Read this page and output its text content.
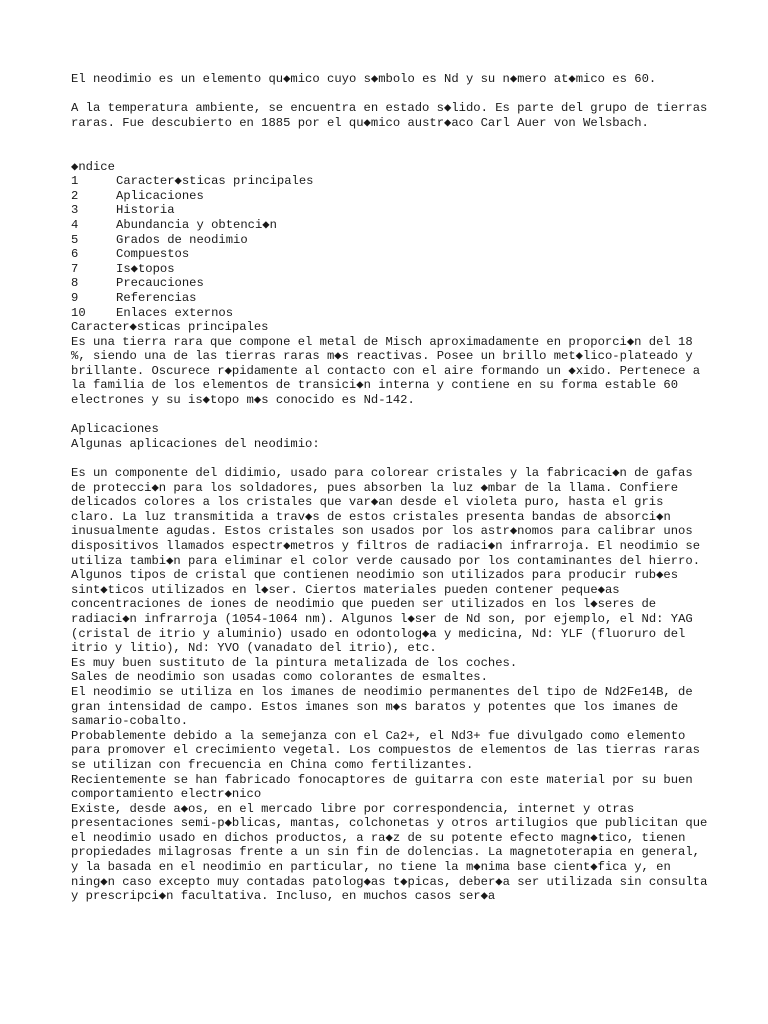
El neodimio es un elemento qu◆mico cuyo s◆mbolo es Nd y su n◆mero at◆mico es 60.

A la temperatura ambiente, se encuentra en estado s◆lido. Es parte del grupo de tierras raras. Fue descubierto en 1885 por el qu◆mico austr◆aco Carl Auer von Welsbach.

◆ndice
1	Caracter◆sticas principales
2	Aplicaciones
3	Historia
4	Abundancia y obtenci◆n
5	Grados de neodimio
6	Compuestos
7	Is◆topos
8	Precauciones
9	Referencias
10	Enlaces externos
Caracter◆sticas principales

Es una tierra rara que compone el metal de Misch aproximadamente en proporci◆n del 18 %, siendo una de las tierras raras m◆s reactivas. Posee un brillo met◆lico-plateado y brillante. Oscurece r◆pidamente al contacto con el aire formando un ◆xido. Pertenece a la familia de los elementos de transici◆n interna y contiene en su forma estable 60 electrones y su is◆topo m◆s conocido es Nd-142.

Aplicaciones
Algunas aplicaciones del neodimio:

Es un componente del didimio, usado para colorear cristales y la fabricaci◆n de gafas de protecci◆n para los soldadores, pues absorben la luz ◆mbar de la llama. Confiere delicados colores a los cristales que var◆an desde el violeta puro, hasta el gris claro. La luz transmitida a trav◆s de estos cristales presenta bandas de absorci◆n inusualmente agudas. Estos cristales son usados por los astr◆nomos para calibrar unos dispositivos llamados espectr◆metros y filtros de radiaci◆n infrarroja. El neodimio se utiliza tambi◆n para eliminar el color verde causado por los contaminantes del hierro.

Algunos tipos de cristal que contienen neodimio son utilizados para producir rub◆es sint◆ticos utilizados en l◆ser. Ciertos materiales pueden contener peque◆as concentraciones de iones de neodimio que pueden ser utilizados en los l◆seres de radiaci◆n infrarroja (1054-1064 nm). Algunos l◆ser de Nd son, por ejemplo, el Nd: YAG (cristal de itrio y aluminio) usado en odontolog◆a y medicina, Nd: YLF (fluoruro del itrio y litio), Nd: YVO (vanadato del itrio), etc.

Es muy buen sustituto de la pintura metalizada de los coches.

Sales de neodimio son usadas como colorantes de esmaltes.

El neodimio se utiliza en los imanes de neodimio permanentes del tipo de Nd2Fe14B, de gran intensidad de campo. Estos imanes son m◆s baratos y potentes que los imanes de samario-cobalto.

Probablemente debido a la semejanza con el Ca2+, el Nd3+ fue divulgado como elemento para promover el crecimiento vegetal. Los compuestos de elementos de las tierras raras se utilizan con frecuencia en China como fertilizantes.

Recientemente se han fabricado fonocaptores de guitarra con este material por su buen comportamiento electr◆nico

Existe, desde a◆os, en el mercado libre por correspondencia, internet y otras presentaciones semi-p◆blicas, mantas, colchonetas y otros artilugios que publicitan que el neodimio usado en dichos productos, a ra◆z de su potente efecto magn◆tico, tienen propiedades milagrosas frente a un sin fin de dolencias. La magnetoterapia en general, y la basada en el neodimio en particular, no tiene la m◆nima base cient◆fica y, en ning◆n caso excepto muy contadas patolog◆as t◆picas, deber◆a ser utilizada sin consulta y prescripci◆n facultativa. Incluso, en muchos casos ser◆a
